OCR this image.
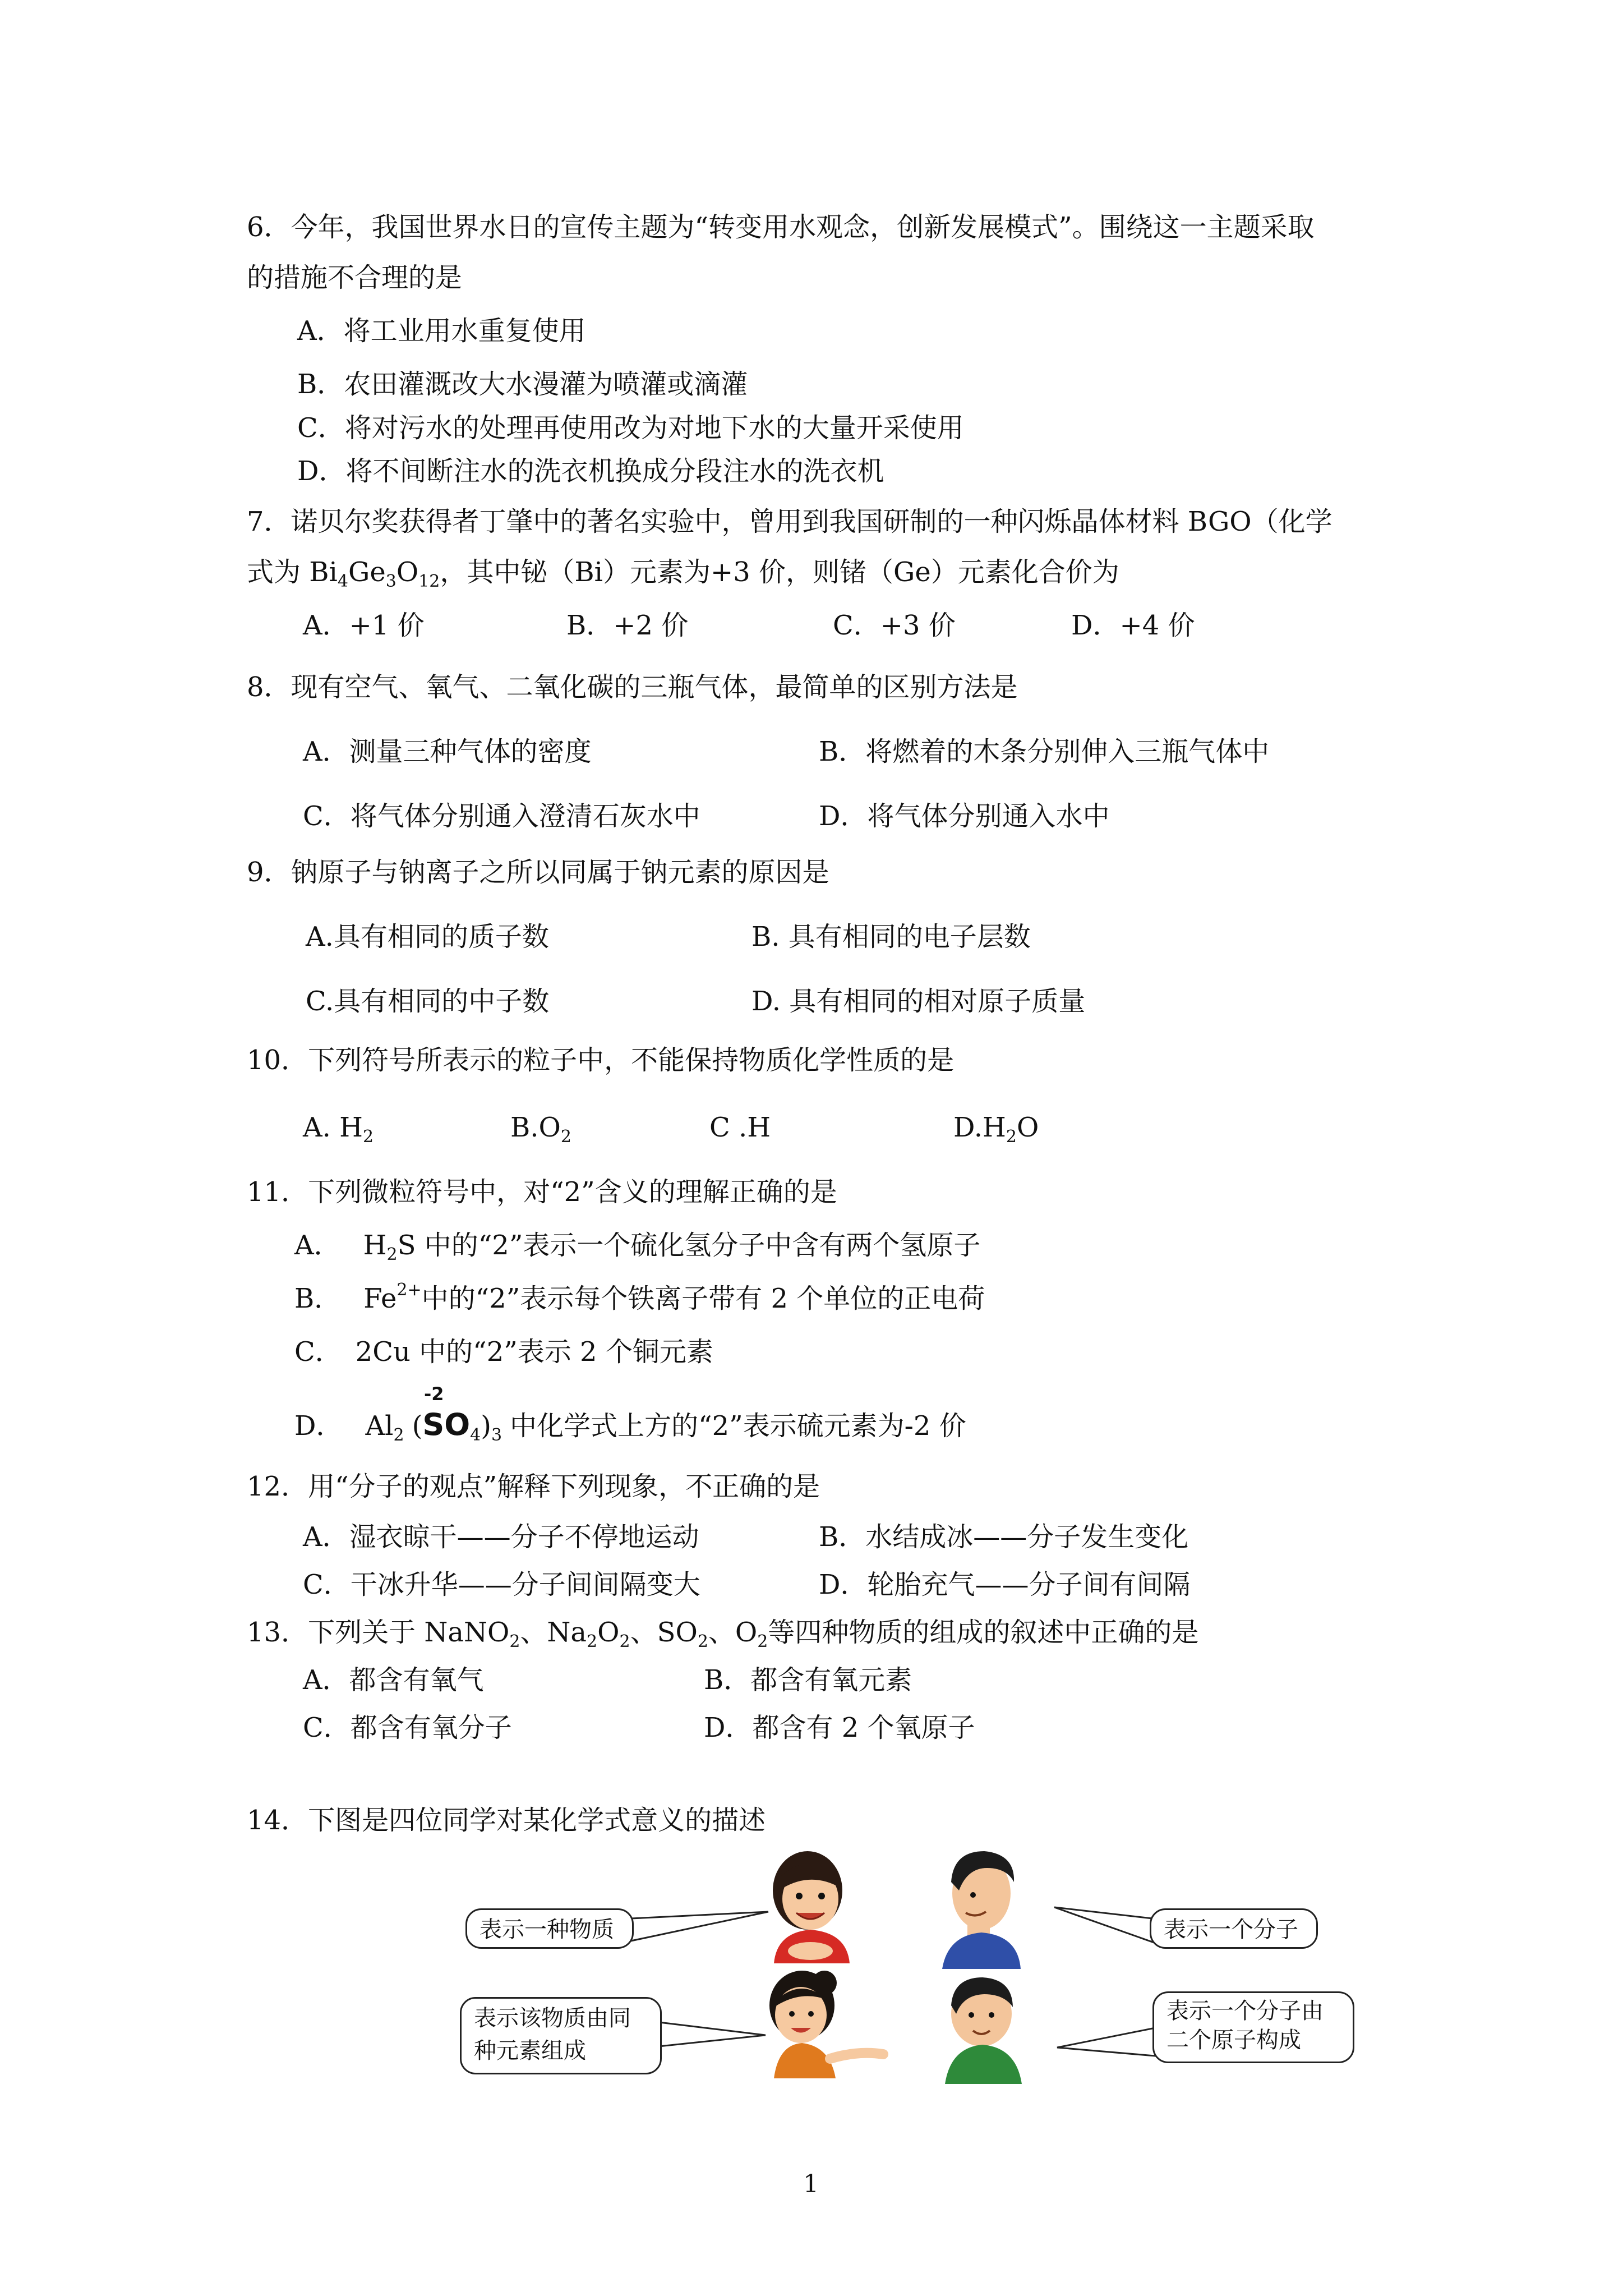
6．今年，我国世界水日的宣传主题为“转变用水观念，创新发展模式”。围绕这一主题采取
的措施不合理的是
A．将工业用水重复使用
B．农田灌溉改大水漫灌为喷灌或滴灌
C．将对污水的处理再使用改为对地下水的大量开采使用
D．将不间断注水的洗衣机换成分段注水的洗衣机
7．诺贝尔奖获得者丁肇中的著名实验中，曾用到我国研制的一种闪烁晶体材料 BGO（化学
式为 $Bi_4Ge_3O_{12}$，其中铋（Bi）元素为+3 价，则锗（Ge）元素化合价为
A．+1 价	B．+2 价	C．+3 价	D．+4 价
8．现有空气、氧气、二氧化碳的三瓶气体，最简单的区别方法是
A．测量三种气体的密度	B．将燃着的木条分别伸入三瓶气体中
C．将气体分别通入澄清石灰水中	D．将气体分别通入水中
9．钠原子与钠离子之所以同属于钠元素的原因是
A.具有相同的质子数	B. 具有相同的电子层数
C.具有相同的中子数	D. 具有相同的相对原子质量
10．下列符号所表示的粒子中，不能保持物质化学性质的是
A. $H_2$	$B.O_2$	C .H	$D.H_2O$
11．下列微粒符号中，对“2”含义的理解正确的是
A． $H_2S$ 中的“2”表示一个硫化氢分子中含有两个氢原子
B． $Fe^{2+}$中的“2”表示每个铁离子带有 2 个单位的正电荷
C．　2Cu 中的“2”表示 2 个铜元素
D． $Al_2$ $(SO_4)_3$ 中化学式上方的“2”表示硫元素为-2 价
-2
12．用“分子的观点”解释下列现象，不正确的是
A．湿衣晾干——分子不停地运动	B．水结成冰——分子发生变化
C．干冰升华——分子间间隔变大	D．轮胎充气——分子间有间隔
13．下列关于 NaNO$_2$、$Na_2O_2$、$SO_2$、$O_2$等四种物质的组成的叙述中正确的是
A．都含有氧气	B．都含有氧元素
C．都含有氧分子	D．都含有 2 个氧原子
14．下图是四位同学对某化学式意义的描述
表示一种物质	表示一个分子
表示该物质由同
种元素组成
表示一个分子由
二个原子构成
1
